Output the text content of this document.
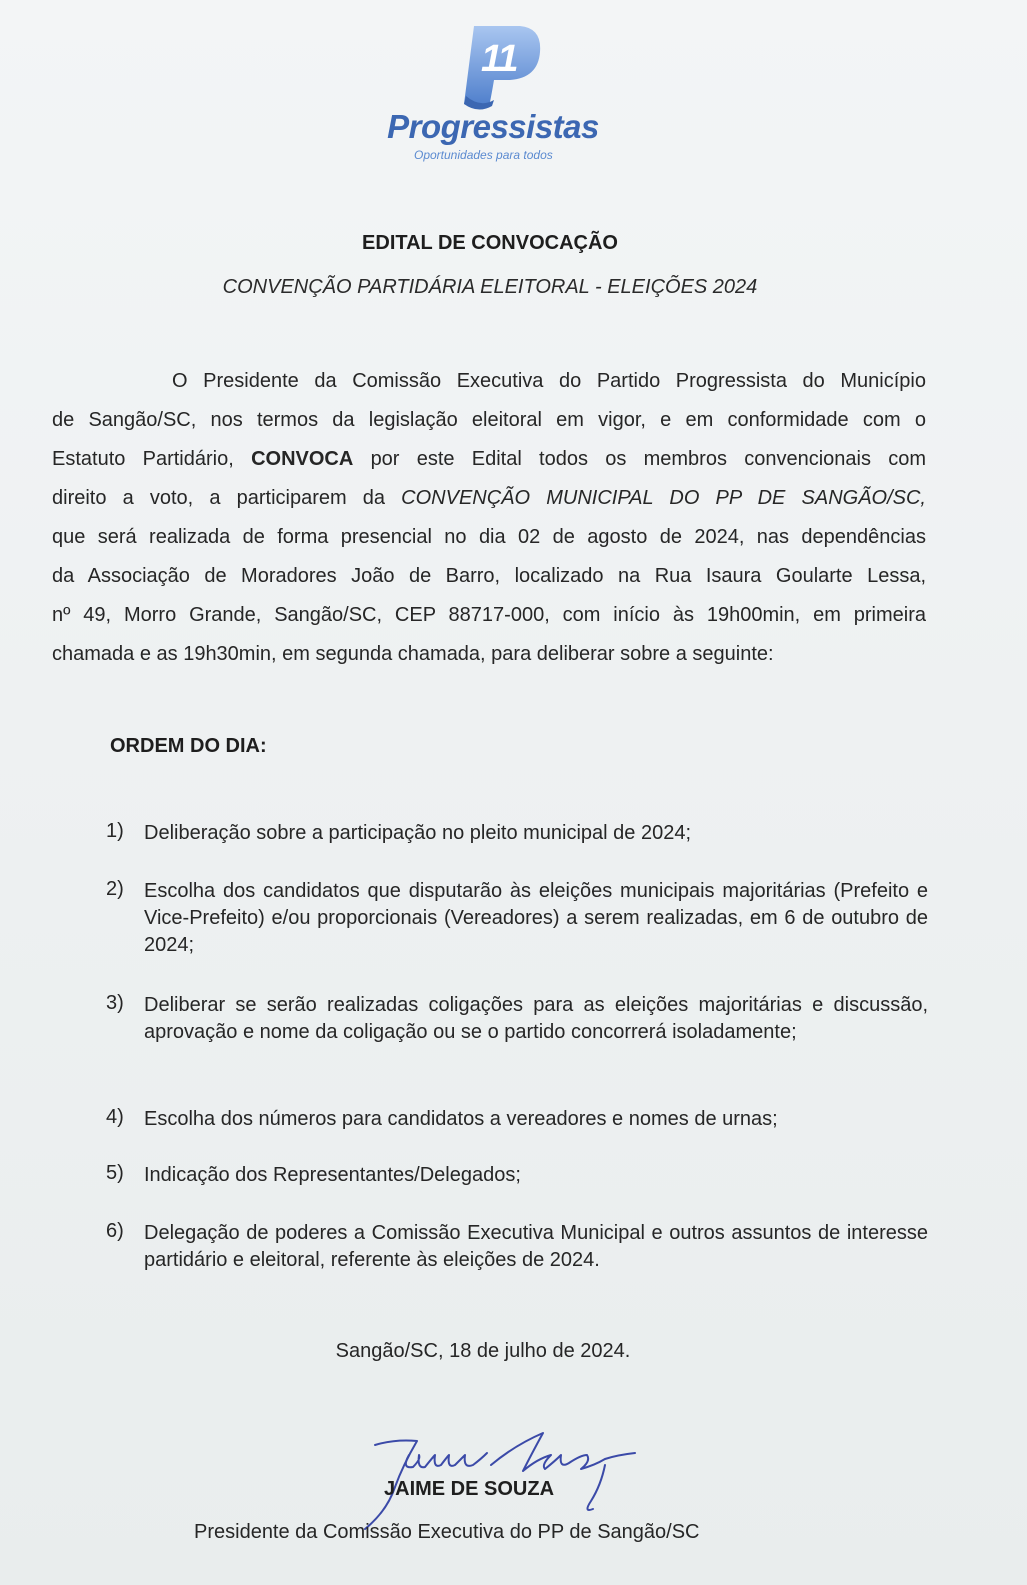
11
Progressistas
Oportunidades para todos
EDITAL DE CONVOCAÇÃO
CONVENÇÃO PARTIDÁRIA ELEITORAL - ELEIÇÕES 2024
O Presidente da Comissão Executiva do Partido Progressista do Município
de Sangão/SC, nos termos da legislação eleitoral em vigor, e em conformidade com o
Estatuto Partidário, CONVOCA por este Edital todos os membros convencionais com
direito a voto, a participarem da CONVENÇÃO MUNICIPAL DO PP DE SANGÃO/SC,
que será realizada de forma presencial no dia 02 de agosto de 2024, nas dependências
da Associação de Moradores João de Barro, localizado na Rua Isaura Goularte Lessa,
nº 49, Morro Grande, Sangão/SC, CEP 88717-000, com início às 19h00min, em primeira
chamada e as 19h30min, em segunda chamada, para deliberar sobre a seguinte:
ORDEM DO DIA:
1)	Deliberação sobre a participação no pleito municipal de 2024;
2)	Escolha dos candidatos que disputarão às eleições municipais majoritárias (Prefeito e Vice-Prefeito) e/ou proporcionais (Vereadores) a serem realizadas, em 6 de outubro de 2024;
3)	Deliberar se serão realizadas coligações para as eleições majoritárias e discussão, aprovação e nome da coligação ou se o partido concorrerá isoladamente;
4)	Escolha dos números para candidatos a vereadores e nomes de urnas;
5)	Indicação dos Representantes/Delegados;
6)	Delegação de poderes a Comissão Executiva Municipal e outros assuntos de interesse partidário e eleitoral, referente às eleições de 2024.
Sangão/SC, 18 de julho de 2024.
JAIME DE SOUZA
Presidente da Comissão Executiva do PP de Sangão/SC
